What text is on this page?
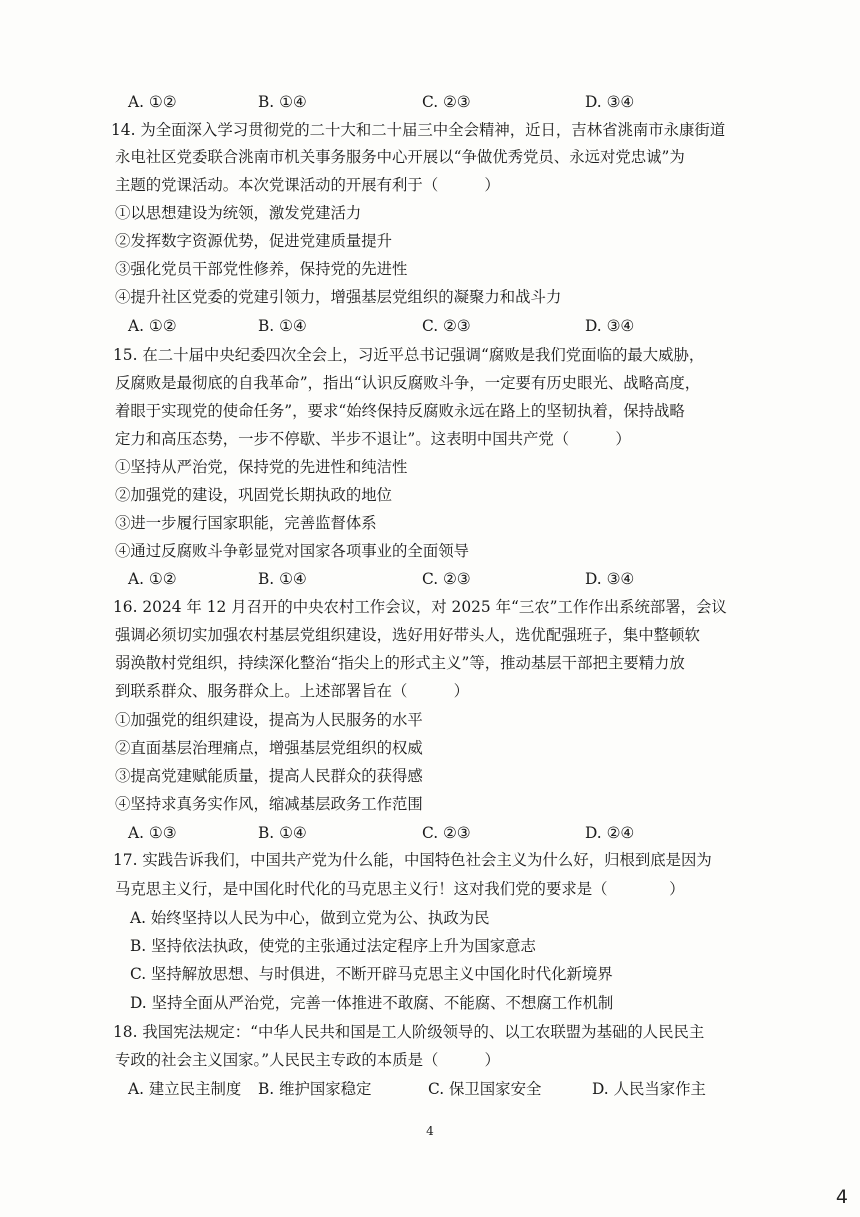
A. ①②	B. ①④	C. ②③	D. ③④
14. 为全面深入学习贯彻党的二十大和二十届三中全会精神，近日，吉林省洮南市永康街道
永电社区党委联合洮南市机关事务服务中心开展以“争做优秀党员、永远对党忠诚”为
主题的党课活动。本次党课活动的开展有利于（　　　）
①以思想建设为统领，激发党建活力
②发挥数字资源优势，促进党建质量提升
③强化党员干部党性修养，保持党的先进性
④提升社区党委的党建引领力，增强基层党组织的凝聚力和战斗力
A. ①②	B. ①④	C. ②③	D. ③④
15. 在二十届中央纪委四次全会上，习近平总书记强调“腐败是我们党面临的最大威胁，
反腐败是最彻底的自我革命”，指出“认识反腐败斗争，一定要有历史眼光、战略高度，
着眼于实现党的使命任务”，要求“始终保持反腐败永远在路上的坚韧执着，保持战略
定力和高压态势，一步不停歇、半步不退让”。这表明中国共产党（　　　）
①坚持从严治党，保持党的先进性和纯洁性
②加强党的建设，巩固党长期执政的地位
③进一步履行国家职能，完善监督体系
④通过反腐败斗争彰显党对国家各项事业的全面领导
A. ①②	B. ①④	C. ②③	D. ③④
16. 2024 年 12 月召开的中央农村工作会议，对 2025 年“三农”工作作出系统部署，会议
强调必须切实加强农村基层党组织建设，选好用好带头人，选优配强班子，集中整顿软
弱涣散村党组织，持续深化整治“指尖上的形式主义”等，推动基层干部把主要精力放
到联系群众、服务群众上。上述部署旨在（　　　）
①加强党的组织建设，提高为人民服务的水平
②直面基层治理痛点，增强基层党组织的权威
③提高党建赋能质量，提高人民群众的获得感
④坚持求真务实作风，缩减基层政务工作范围
A. ①③	B. ①④	C. ②③	D. ②④
17. 实践告诉我们，中国共产党为什么能，中国特色社会主义为什么好，归根到底是因为
马克思主义行，是中国化时代化的马克思主义行！这对我们党的要求是（　　　　）
A. 始终坚持以人民为中心，做到立党为公、执政为民
B. 坚持依法执政，使党的主张通过法定程序上升为国家意志
C. 坚持解放思想、与时俱进，不断开辟马克思主义中国化时代化新境界
D. 坚持全面从严治党，完善一体推进不敢腐、不能腐、不想腐工作机制
18. 我国宪法规定：“中华人民共和国是工人阶级领导的、以工农联盟为基础的人民民主
专政的社会主义国家。”人民民主专政的本质是（　　　）
A. 建立民主制度 B. 维护国家稳定	C. 保卫国家安全	D. 人民当家作主
4
4
